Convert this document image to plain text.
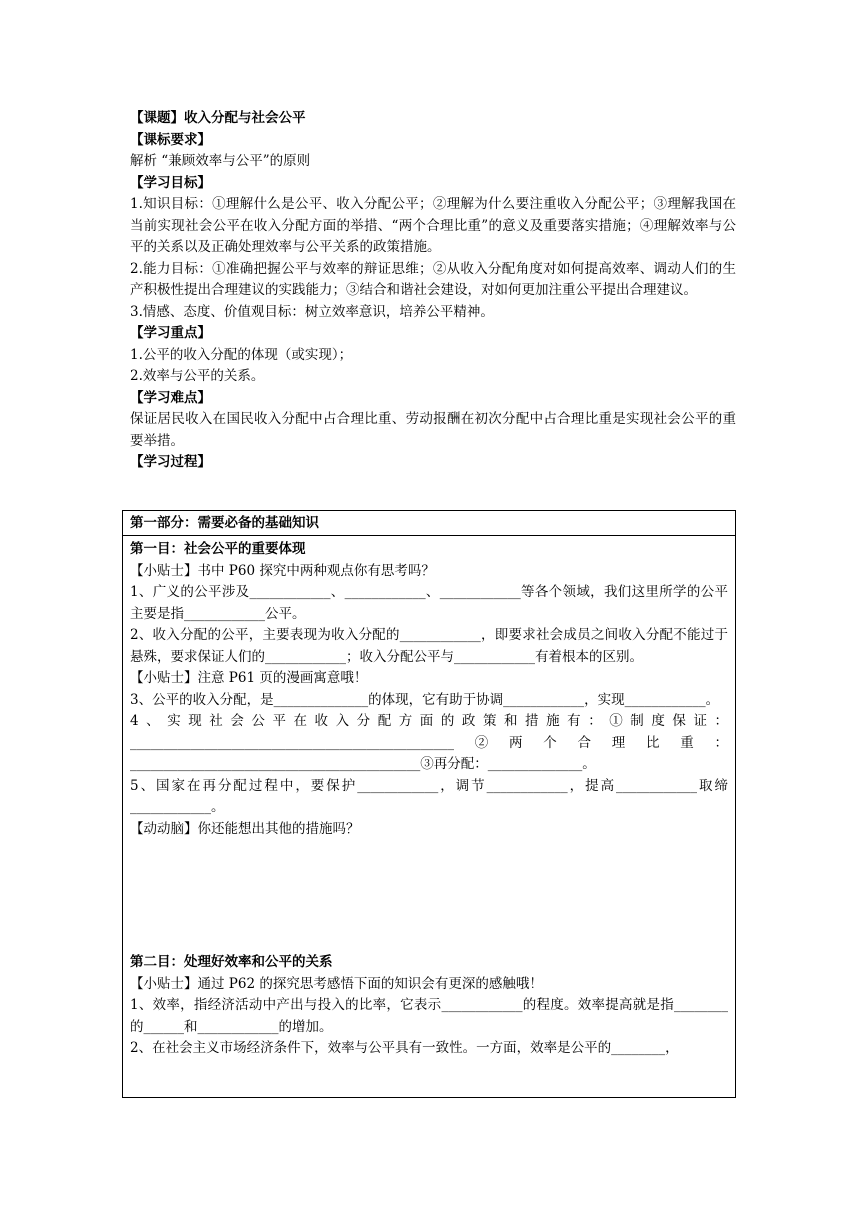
【课题】收入分配与社会公平
【课标要求】
解析 “兼顾效率与公平”的原则
【学习目标】
1.知识目标：①理解什么是公平、收入分配公平；②理解为什么要注重收入分配公平；③理解我国在当前实现社会公平在收入分配方面的举措、“两个合理比重”的意义及重要落实措施；④理解效率与公平的关系以及正确处理效率与公平关系的政策措施。
2.能力目标：①准确把握公平与效率的辩证思维；②从收入分配角度对如何提高效率、调动人们的生产积极性提出合理建议的实践能力；③结合和谐社会建设，对如何更加注重公平提出合理建议。
3.情感、态度、价值观目标：树立效率意识，培养公平精神。
【学习重点】
1.公平的收入分配的体现（或实现）；
2.效率与公平的关系。
【学习难点】
保证居民收入在国民收入分配中占合理比重、劳动报酬在初次分配中占合理比重是实现社会公平的重要举措。
【学习过程】
第一部分：需要必备的基础知识
第一目：社会公平的重要体现
【小贴士】书中 P60 探究中两种观点你有思考吗？
1、广义的公平涉及____________、____________、____________等各个领域，我们这里所学的公平主要是指____________公平。
2、收入分配的公平，主要表现为收入分配的____________，即要求社会成员之间收入分配不能过于悬殊，要求保证人们的____________；收入分配公平与____________有着根本的区别。
【小贴士】注意 P61 页的漫画寓意哦！
3、公平的收入分配，是______________的体现，它有助于协调____________，实现____________。
4、实现社会公平在收入分配方面的政策和措施有：①制度保证：________________________________________________②两个合理比重：___________________________________________③再分配：______________。
5、国家在再分配过程中，要保护____________，调节____________，提高____________取缔____________。
【动动脑】你还能想出其他的措施吗？
第二目：处理好效率和公平的关系
【小贴士】通过 P62 的探究思考感悟下面的知识会有更深的感触哦！
1、效率，指经济活动中产出与投入的比率，它表示____________的程度。效率提高就是指________的______和____________的增加。
2、在社会主义市场经济条件下，效率与公平具有一致性。一方面，效率是公平的________，
